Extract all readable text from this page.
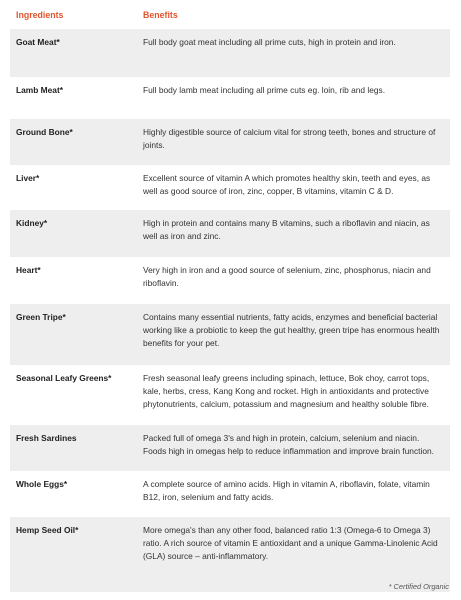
Ingredients	Benefits
Goat Meat*	Full body goat meat including all prime cuts, high in protein and iron.
Lamb Meat*	Full body lamb meat including all prime cuts eg. loin, rib and legs.
Ground Bone*	Highly digestible source of calcium vital for strong teeth, bones and structure of joints.
Liver*	Excellent source of vitamin A which promotes healthy skin, teeth and eyes, as well as good source of iron, zinc, copper, B vitamins, vitamin C & D.
Kidney*	High in protein and contains many B vitamins, such a riboflavin and niacin, as well as iron and zinc.
Heart*	Very high in iron and a good source of selenium, zinc, phosphorus, niacin and riboflavin.
Green Tripe*	Contains many essential nutrients, fatty acids, enzymes and beneficial bacterial working like a probiotic to keep the gut healthy, green tripe has enormous health benefits for your pet.
Seasonal Leafy Greens*	Fresh seasonal leafy greens including spinach, lettuce, Bok choy, carrot tops, kale, herbs, cress, Kang Kong and rocket. High in antioxidants and protective phytonutrients, calcium, potassium and magnesium and healthy soluble fibre.
Fresh Sardines	Packed full of omega 3's and high in protein, calcium, selenium and niacin. Foods high in omegas help to reduce inflammation and improve brain function.
Whole Eggs*	A complete source of amino acids. High in vitamin A, riboflavin, folate, vitamin B12, iron, selenium and fatty acids.
Hemp Seed Oil*	More omega's than any other food, balanced ratio 1:3 (Omega-6 to Omega 3) ratio. A rich source of vitamin E antioxidant and a unique Gamma-Linolenic Acid (GLA) source – anti-inflammatory.
* Certified Organic
